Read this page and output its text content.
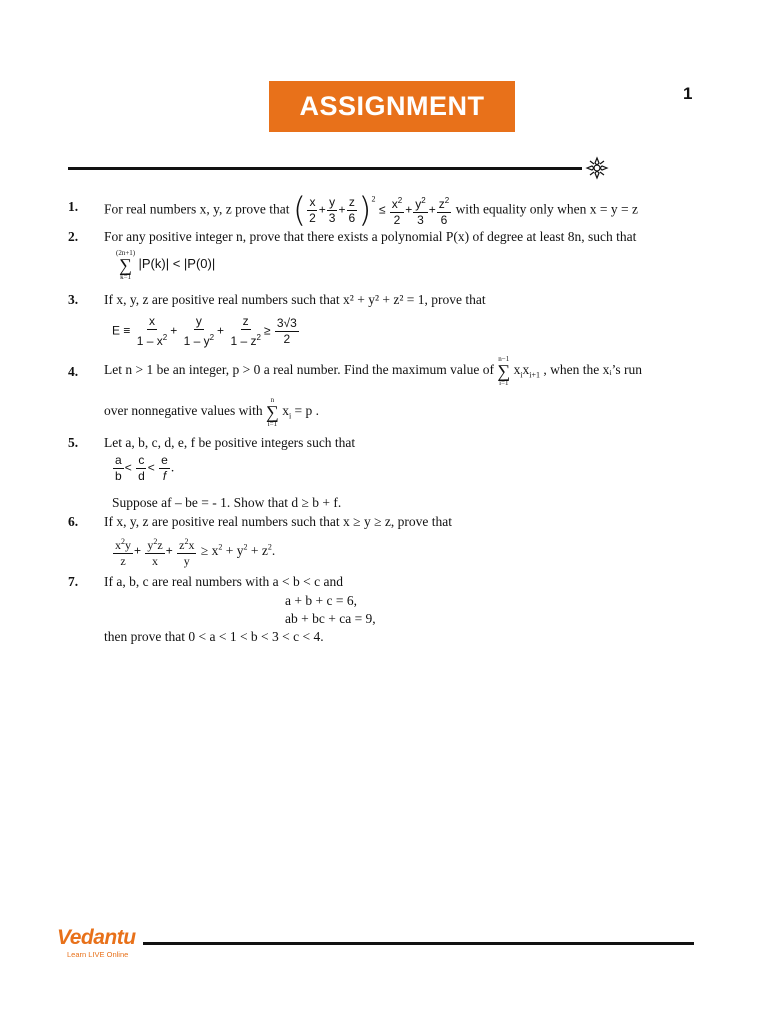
ASSIGNMENT	1
1.	For real numbers x, y, z prove that ( $\frac{x}{2} + \frac{y}{3} + \frac{z}{6} )^2 \le \frac{x^2}{2} + \frac{y^2}{3} + \frac{z^2}{6}$ with equality only when x = y = z
2.	For any positive integer n, prove that there exists a polynomial P(x) of degree at least 8n, such that
(2n+1)
∑
k=1
|P(k)| < |P(0)|
3.	If x, y, z are positive real numbers such that x² + y² + z² = 1, prove that
$E \equiv \frac{x}{1 - x^2} + \frac{y}{1 - y^2} + \frac{z}{1 - z^2} \ge \frac{3√3}{2}$
4.	Let n > 1 be an integer, p > 0 a real number. Find the maximum value of
n−1
∑
i=1
$x_ix_{i+1}$ , when the xᵢ’s run
over nonnegative values with
n
∑
i=1
$x_i = p$ .
5.	Let a, b, c, d, e, f be positive integers such that
$\frac{a}{b} < \frac{c}{d} < \frac{e}{f}$ .
Suppose af – be = - 1. Show that d ≥ b + f.
6.	If x, y, z are positive real numbers such that x ≥ y ≥ z, prove that
$\frac{x^2y}{z} + \frac{y^2z}{x} + \frac{z^2x}{y} \ge x^2 + y^2 + z^2$.
7.	If a, b, c are real numbers with a < b < c and
a + b + c = 6,
ab + bc + ca = 9,
then prove that 0 < a < 1 < b < 3 < c < 4.
Vedantu
Learn LIVE Online
